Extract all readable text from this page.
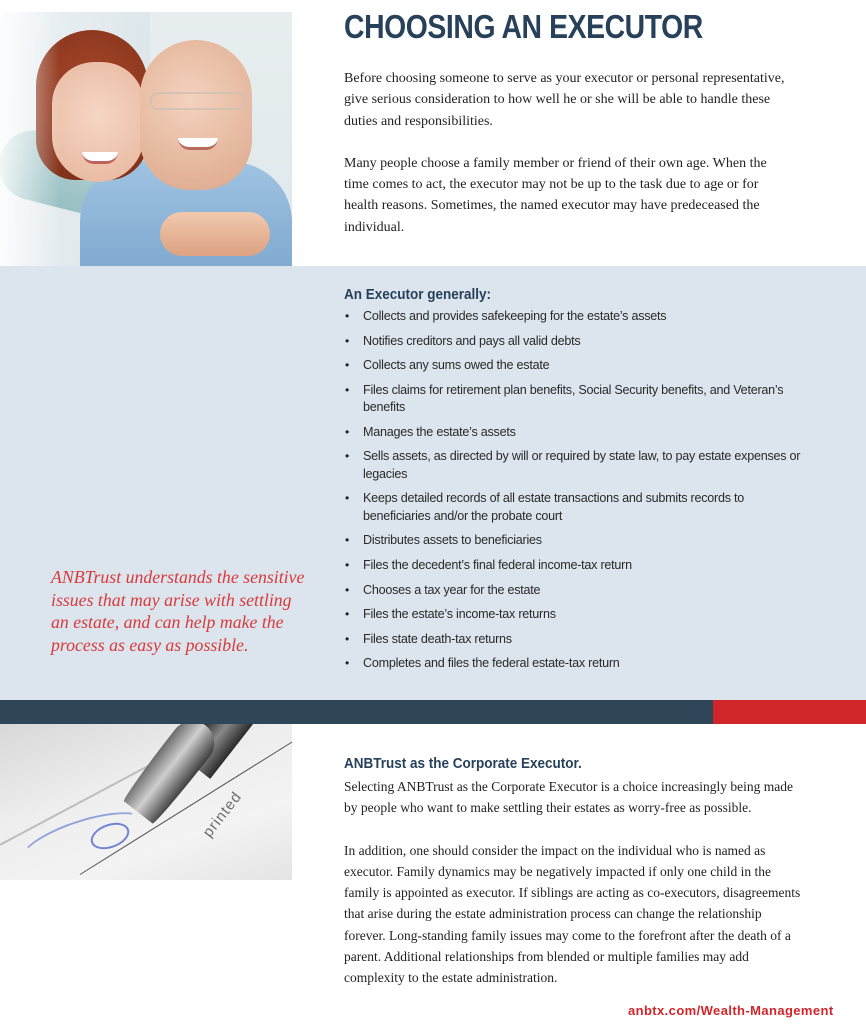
CHOOSING AN EXECUTOR

Before choosing someone to serve as your executor or personal representative, give serious consideration to how well he or she will be able to handle these duties and responsibilities.

Many people choose a family member or friend of their own age. When the time comes to act, the executor may not be up to the task due to age or for health reasons. Sometimes, the named executor may have predeceased the individual.

An Executor generally:
• Collects and provides safekeeping for the estate’s assets
• Notifies creditors and pays all valid debts
• Collects any sums owed the estate
• Files claims for retirement plan benefits, Social Security benefits, and Veteran’s benefits
• Manages the estate’s assets
• Sells assets, as directed by will or required by state law, to pay estate expenses or legacies
• Keeps detailed records of all estate transactions and submits records to beneficiaries and/or the probate court
• Distributes assets to beneficiaries
• Files the decedent’s final federal income-tax return
• Chooses a tax year for the estate
• Files the estate’s income-tax returns
• Files state death-tax returns
• Completes and files the federal estate-tax return

ANBTrust understands the sensitive issues that may arise with settling an estate, and can help make the process as easy as possible.

printed
ANBTrust as the Corporate Executor.

Selecting ANBTrust as the Corporate Executor is a choice increasingly being made by people who want to make settling their estates as worry-free as possible.

In addition, one should consider the impact on the individual who is named as executor. Family dynamics may be negatively impacted if only one child in the family is appointed as executor. If siblings are acting as co-executors, disagreements that arise during the estate administration process can change the relationship forever. Long-standing family issues may come to the forefront after the death of a parent. Additional relationships from blended or multiple families may add complexity to the estate administration.

anbtx.com/Wealth-Management
